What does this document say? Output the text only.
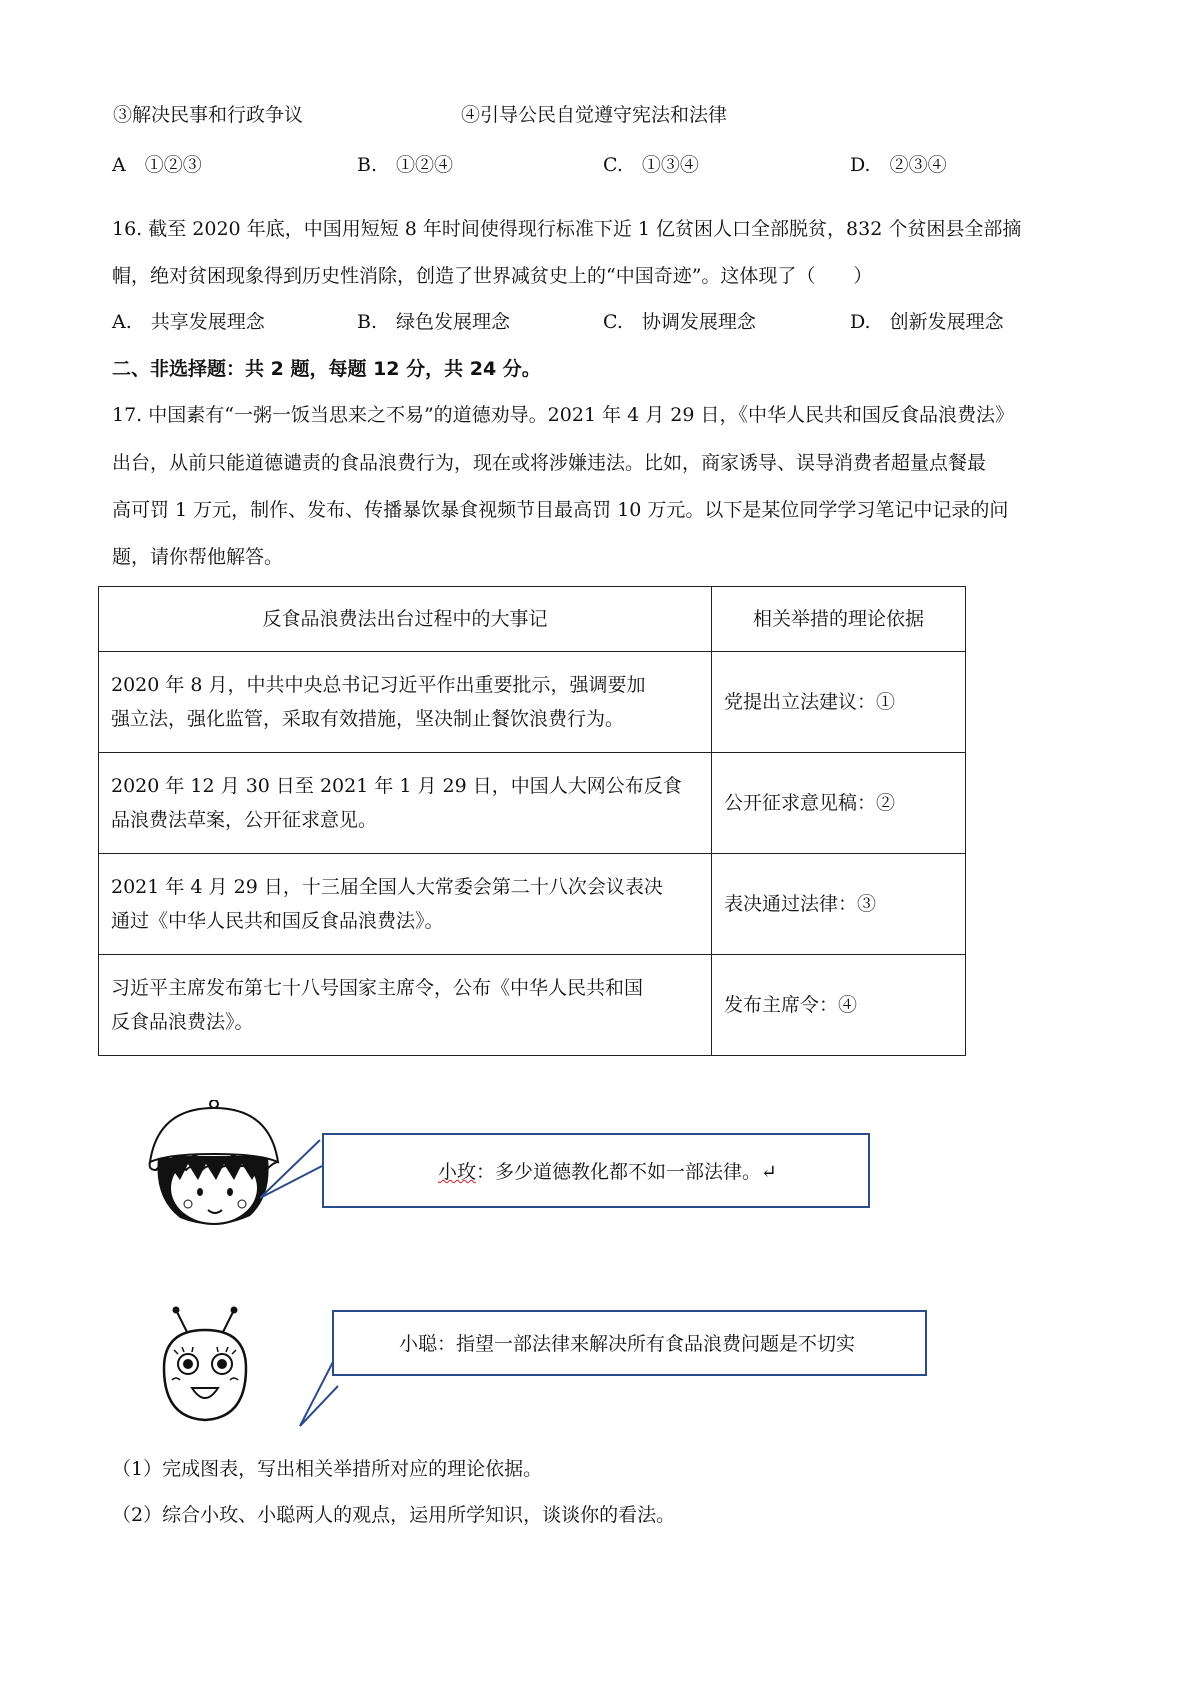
③解决民事和行政争议	④引导公民自觉遵守宪法和法律
A　①②③	B.　①②④	C.　①③④	D.　②③④
16. 截至 2020 年底，中国用短短 8 年时间使得现行标准下近 1 亿贫困人口全部脱贫，832 个贫困县全部摘
帽，绝对贫困现象得到历史性消除，创造了世界减贫史上的“中国奇迹”。这体现了（　　）
A.　共享发展理念	B.　绿色发展理念	C.　协调发展理念	D.　创新发展理念
二、非选择题：共 2 题，每题 12 分，共 24 分。
17. 中国素有“一粥一饭当思来之不易”的道德劝导。2021 年 4 月 29 日，《中华人民共和国反食品浪费法》
出台，从前只能道德谴责的食品浪费行为，现在或将涉嫌违法。比如，商家诱导、误导消费者超量点餐最
高可罚 1 万元，制作、发布、传播暴饮暴食视频节目最高罚 10 万元。以下是某位同学学习笔记中记录的问
题，请你帮他解答。
反食品浪费法出台过程中的大事记	相关举措的理论依据

2020 年 8 月，中共中央总书记习近平作出重要批示，强调要加
强立法，强化监管，采取有效措施，坚决制止餐饮浪费行为。	党提出立法建议：①

2020 年 12 月 30 日至 2021 年 1 月 29 日，中国人大网公布反食
品浪费法草案，公开征求意见。	公开征求意见稿：②

2021 年 4 月 29 日，十三届全国人大常委会第二十八次会议表决
通过《中华人民共和国反食品浪费法》。	表决通过法律：③

习近平主席发布第七十八号国家主席令，公布《中华人民共和国
反食品浪费法》。	发布主席令：④
小玫：多少道德教化都不如一部法律。↵
小聪：指望一部法律来解决所有食品浪费问题是不切实
（1）完成图表，写出相关举措所对应的理论依据。
（2）综合小玫、小聪两人的观点，运用所学知识，谈谈你的看法。
